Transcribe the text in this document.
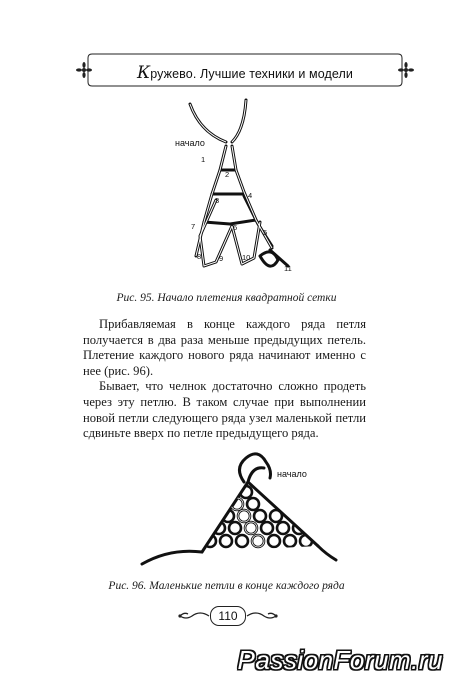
Кружево. Лучшие техники и модели
начало
1
2
3
4
5
6
7
8 9	10
11
Рис. 95. Начало плетения квадратной сетки

Прибавляемая в конце каждого ряда петля получается в два раза меньше предыдущих петель. Плетение каждого нового ряда начинают именно с нее (рис. 96).

Бывает, что челнок достаточно сложно продеть через эту петлю. В таком случае при выполнении новой петли следующего ряда узел маленькой петли сдвиньте вверх по петле предыдущего ряда.

начало
Рис. 96. Маленькие петли в конце каждого ряда
110
PassionForum.ru
